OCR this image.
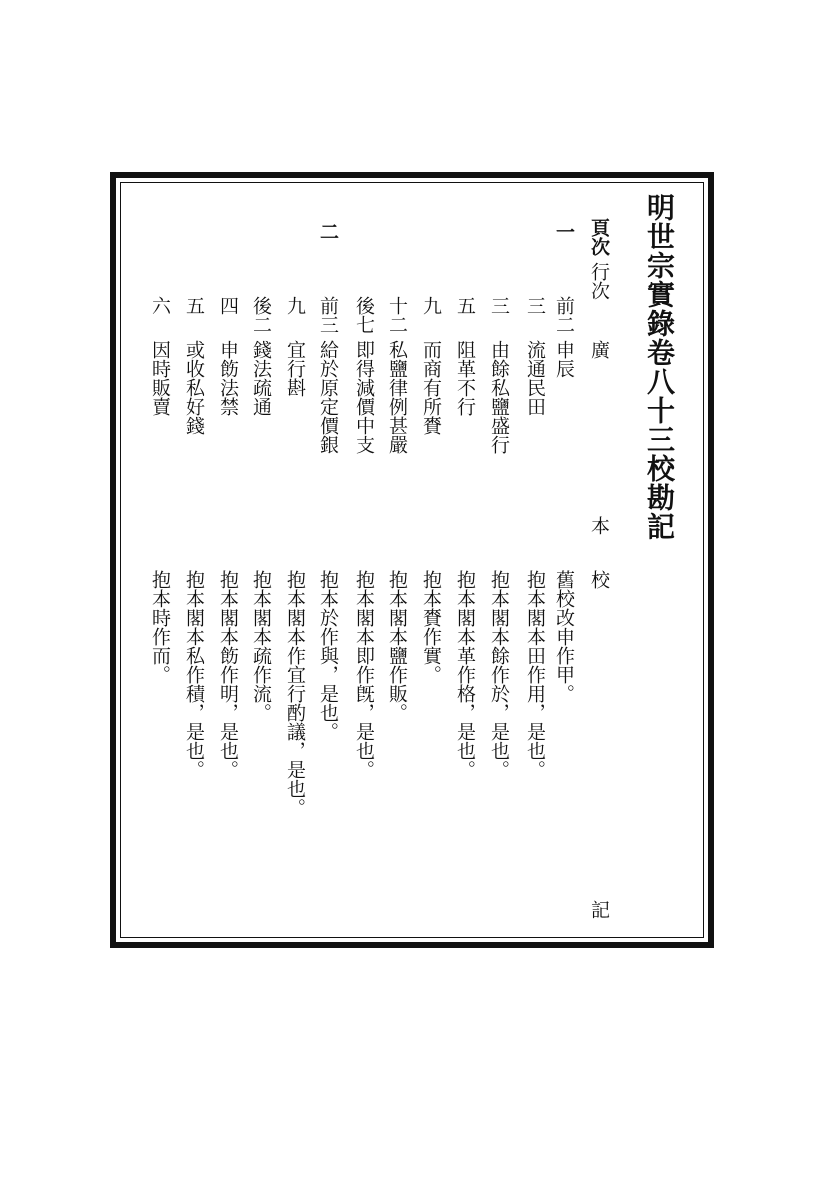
明世宗實錄卷八十三校勘記
頁次
行次
廣
本
校
記
一
前二
申辰
舊校改申作甲。
三
流通民田
抱本閣本田作用，是也。
三
由餘私鹽盛行
抱本閣本餘作於，是也。
五
阻革不行
抱本閣本革作格，是也。
九
而商有所賚
抱本賚作實。
十二
私鹽律例甚嚴
抱本閣本鹽作販。
後七
即得減價中支
抱本閣本即作旣，是也。
二
前三
給於原定價銀
抱本於作與，是也。
九
宜行斟
抱本閣本作宜行酌議，是也。
後二
錢法疏通
抱本閣本疏作流。
四
申飭法禁
抱本閣本飭作明，是也。
五
或收私好錢
抱本閣本私作積，是也。
六
因時販賣
抱本時作而。
